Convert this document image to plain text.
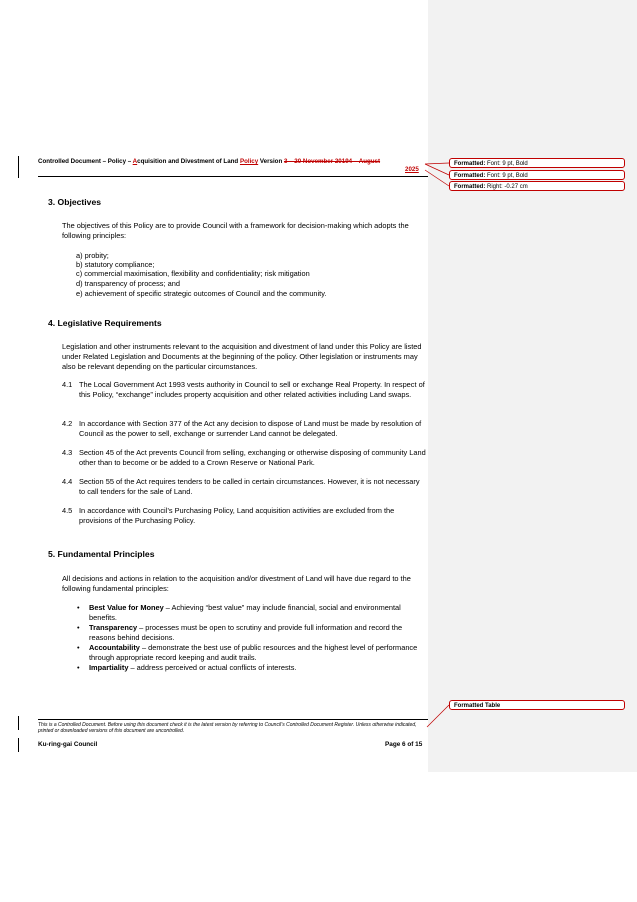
Controlled Document – Policy – Acquisition and Divestment of Land Policy Version 3 – 20 November 20194 – August
2025
Formatted: Font: 9 pt, Bold
Formatted: Font: 9 pt, Bold
Formatted: Right: -0.27 cm
Formatted Table
3. Objectives
The objectives of this Policy are to provide Council with a framework for decision-making which adopts the following principles:
a) probity;
b) statutory compliance;
c) commercial maximisation, flexibility and confidentiality; risk mitigation
d) transparency of process; and
e) achievement of specific strategic outcomes of Council and the community.
4. Legislative Requirements
Legislation and other instruments relevant to the acquisition and divestment of land under this Policy are listed under Related Legislation and Documents at the beginning of the policy. Other legislation or instruments may also be relevant depending on the particular circumstances.
4.1 The Local Government Act 1993 vests authority in Council to sell or exchange Real Property. In respect of this Policy, “exchange” includes property acquisition and other related activities including Land swaps.
4.2 In accordance with Section 377 of the Act any decision to dispose of Land must be made by resolution of Council as the power to sell, exchange or surrender Land cannot be delegated.
4.3 Section 45 of the Act prevents Council from selling, exchanging or otherwise disposing of community Land other than to become or be added to a Crown Reserve or National Park.
4.4 Section 55 of the Act requires tenders to be called in certain circumstances. However, it is not necessary to call tenders for the sale of Land.
4.5 In accordance with Council’s Purchasing Policy, Land acquisition activities are excluded from the provisions of the Purchasing Policy.
5. Fundamental Principles
All decisions and actions in relation to the acquisition and/or divestment of Land will have due regard to the following fundamental principles:
• Best Value for Money – Achieving “best value” may include financial, social and environmental benefits.
• Transparency – processes must be open to scrutiny and provide full information and record the reasons behind decisions.
• Accountability – demonstrate the best use of public resources and the highest level of performance through appropriate record keeping and audit trails.
• Impartiality – address perceived or actual conflicts of interests.
This is a Controlled Document. Before using this document check it is the latest version by referring to Council’s Controlled Document Register. Unless otherwise indicated, printed or downloaded versions of this document are uncontrolled.
Ku-ring-gai Council	Page 6 of 15
